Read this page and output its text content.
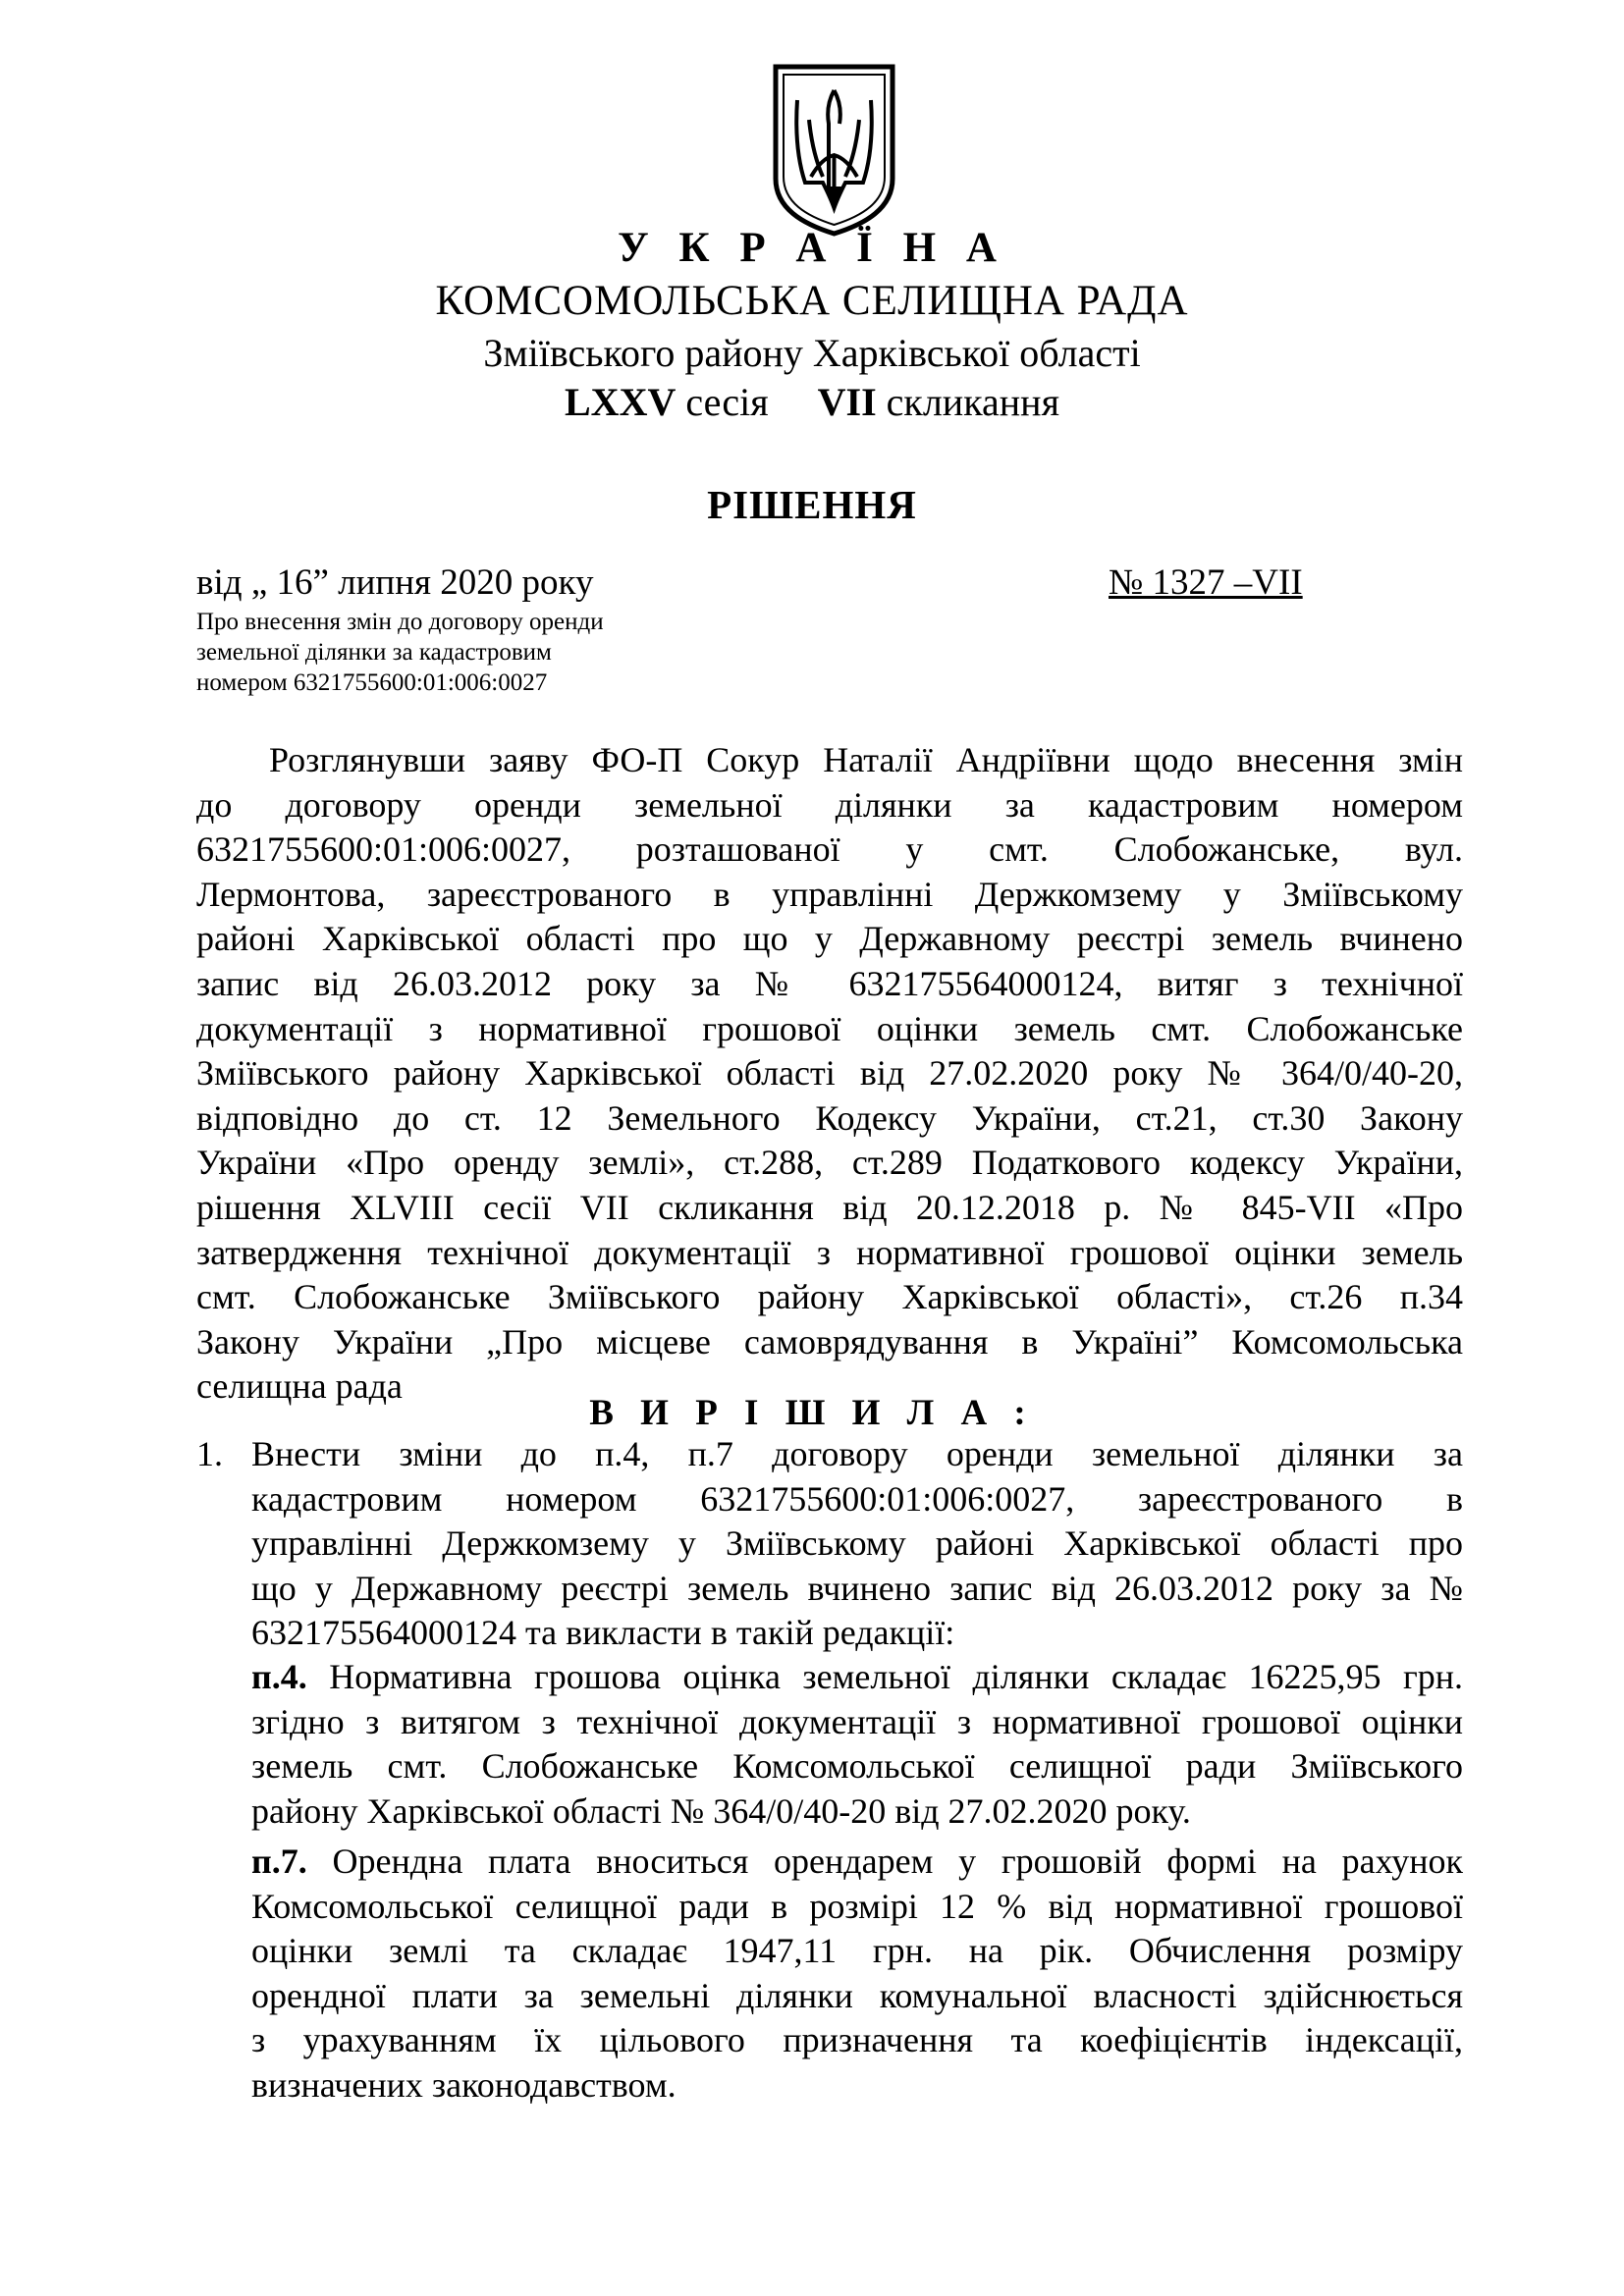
У К Р А Ї Н А
КОМСОМОЛЬСЬКА СЕЛИЩНА РАДА
Зміївського району Харківської області
LXXV сесія VII скликання
РІШЕННЯ
від „ 16” липня 2020 року	№ 1327 –VII
Про внесення змін до договору оренди
земельної ділянки за кадастровим
номером 6321755600:01:006:0027
Розглянувши заяву ФО-П Сокур Наталії Андріївни щодо внесення змін
до договору оренди земельної ділянки за кадастровим номером
6321755600:01:006:0027, розташованої у смт. Слобожанське, вул.
Лермонтова, зареєстрованого в управлінні Держкомзему у Зміївському
районі Харківської області про що у Державному реєстрі земель вчинено
запис від 26.03.2012 року за № 632175564000124, витяг з технічної
документації з нормативної грошової оцінки земель смт. Слобожанське
Зміївського району Харківської області від 27.02.2020 року № 364/0/40-20,
відповідно до ст. 12 Земельного Кодексу України, ст.21, ст.30 Закону
України «Про оренду землі», ст.288, ст.289 Податкового кодексу України,
рішення XLVIII сесії VII скликання від 20.12.2018 р. № 845-VII «Про
затвердження технічної документації з нормативної грошової оцінки земель
смт. Слобожанське Зміївського району Харківської області», ст.26 п.34
Закону України „Про місцеве самоврядування в Україні” Комсомольська
селищна рада
В И Р І Ш И Л А :
1. Внести зміни до п.4, п.7 договору оренди земельної ділянки за
кадастровим номером 6321755600:01:006:0027, зареєстрованого в
управлінні Держкомзему у Зміївському районі Харківської області про
що у Державному реєстрі земель вчинено запис від 26.03.2012 року за №
632175564000124 та викласти в такій редакції:
п.4. Нормативна грошова оцінка земельної ділянки складає 16225,95 грн.
згідно з витягом з технічної документації з нормативної грошової оцінки
земель смт. Слобожанське Комсомольської селищної ради Зміївського
району Харківської області № 364/0/40-20 від 27.02.2020 року.
п.7. Орендна плата вноситься орендарем у грошовій формі на рахунок
Комсомольської селищної ради в розмірі 12 % від нормативної грошової
оцінки землі та складає 1947,11 грн. на рік. Обчислення розміру
орендної плати за земельні ділянки комунальної власності здійснюється
з урахуванням їх цільового призначення та коефіцієнтів індексації,
визначених законодавством.
